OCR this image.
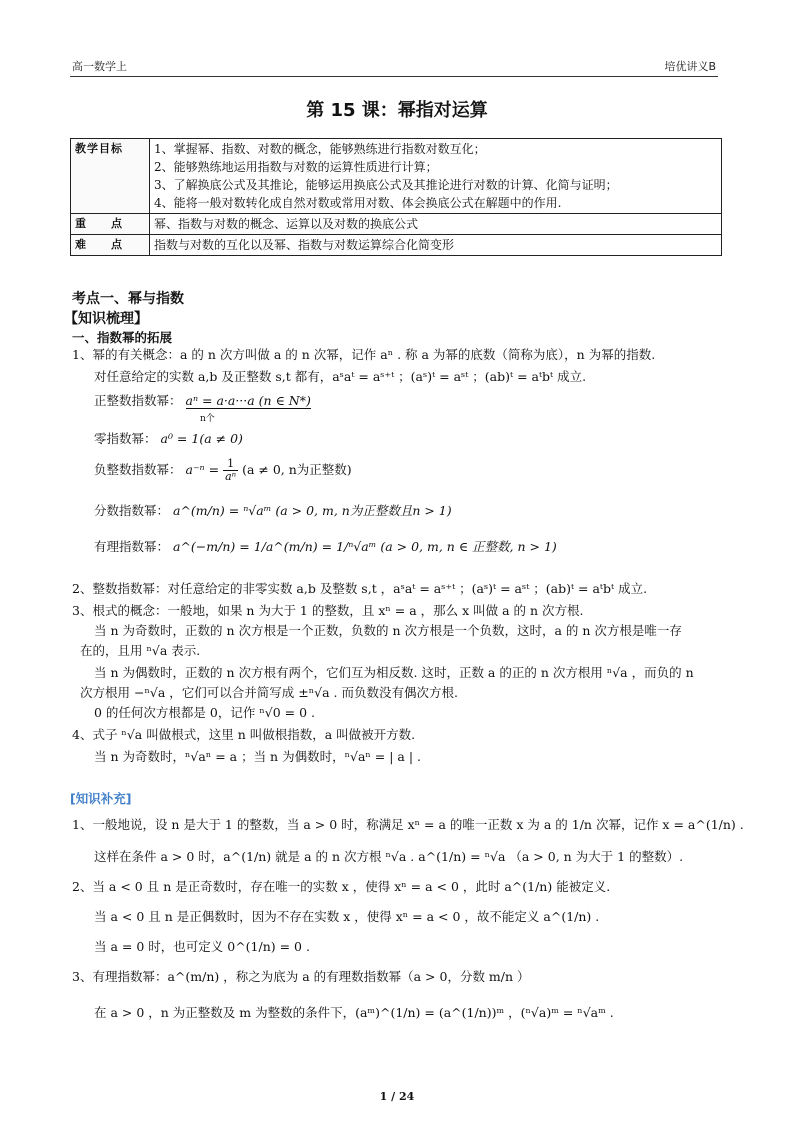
高一数学上	培优讲义B
第 15 课：幂指对运算
教学目标	1、掌握幂、指数、对数的概念，能够熟练进行指数对数互化；
2、能够熟练地运用指数与对数的运算性质进行计算；
3、了解换底公式及其推论，能够运用换底公式及其推论进行对数的计算、化简与证明；
4、能将一般对数转化成自然对数或常用对数、体会换底公式在解题中的作用.

重　　点	幂、指数与对数的概念、运算以及对数的换底公式
难　　点	指数与对数的互化以及幂、指数与对数运算综合化简变形
考点一、幂与指数
【知识梳理】
一、指数幂的拓展
1、幂的有关概念：a 的 n 次方叫做 a 的 n 次幂，记作 aⁿ . 称 a 为幂的底数（简称为底），n 为幂的指数.
对任意给定的实数 a,b 及正整数 s,t 都有，aˢaᵗ = aˢ⁺ᵗ ；(aˢ)ᵗ = aˢᵗ ；(ab)ᵗ = aᵗbᵗ 成立.
正整数指数幂： aⁿ = a·a···a (n ∈ N*)
n个
零指数幂： a⁰ = 1(a ≠ 0)
负整数指数幂： $a^{-n} = \frac{1}{\text{aⁿ}} (a \ne 0$, n为正整数)
分数指数幂： a^(m/n) = ⁿ√aᵐ (a > 0, m, n为正整数且n > 1)
有理指数幂： a^(−m/n) = 1/a^(m/n) = 1/ⁿ√aᵐ (a > 0, m, n ∈ 正整数, n > 1)
2、整数指数幂：对任意给定的非零实数 a,b 及整数 s,t ，aˢaᵗ = aˢ⁺ᵗ ；(aˢ)ᵗ = aˢᵗ ；(ab)ᵗ = aᵗbᵗ 成立.
3、根式的概念：一般地，如果 n 为大于 1 的整数，且 xⁿ = a ，那么 x 叫做 a 的 n 次方根.
当 n 为奇数时，正数的 n 次方根是一个正数，负数的 n 次方根是一个负数，这时，a 的 n 次方根是唯一存
在的，且用 ⁿ√a 表示.
当 n 为偶数时，正数的 n 次方根有两个，它们互为相反数. 这时，正数 a 的正的 n 次方根用 ⁿ√a ，而负的 n
次方根用 −ⁿ√a ，它们可以合并简写成 ±ⁿ√a . 而负数没有偶次方根.
0 的任何次方根都是 0，记作 ⁿ√0 = 0 .
4、式子 ⁿ√a 叫做根式，这里 n 叫做根指数，a 叫做被开方数.
当 n 为奇数时，ⁿ√aⁿ = a ；当 n 为偶数时，ⁿ√aⁿ = | a | .
[知识补充]
1、一般地说，设 n 是大于 1 的整数，当 a > 0 时，称满足 xⁿ = a 的唯一正数 x 为 a 的 1/n 次幂，记作 x = a^(1/n) .
这样在条件 a > 0 时，a^(1/n) 就是 a 的 n 次方根 ⁿ√a . a^(1/n) = ⁿ√a （a > 0, n 为大于 1 的整数）.
2、当 a < 0 且 n 是正奇数时，存在唯一的实数 x ，使得 xⁿ = a < 0 ，此时 a^(1/n) 能被定义.
当 a < 0 且 n 是正偶数时，因为不存在实数 x ，使得 xⁿ = a < 0 ，故不能定义 a^(1/n) .
当 a = 0 时，也可定义 0^(1/n) = 0 .
3、有理指数幂：a^(m/n) ，称之为底为 a 的有理数指数幂（a > 0，分数 m/n ）
在 a > 0 ，n 为正整数及 m 为整数的条件下，(aᵐ)^(1/n) = (a^(1/n))ᵐ ，(ⁿ√a)ᵐ = ⁿ√aᵐ .
1 / 24
